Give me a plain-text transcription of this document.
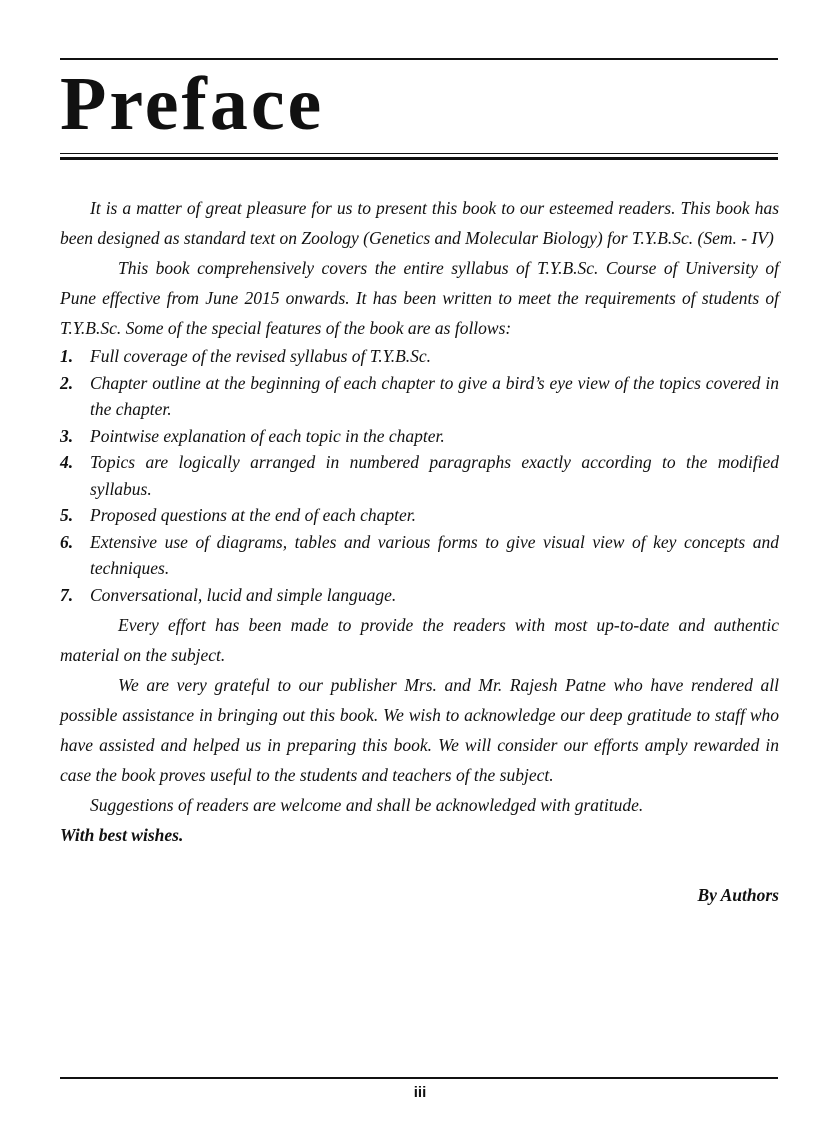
Preface

It is a matter of great pleasure for us to present this book to our esteemed readers. This book has been designed as standard text on Zoology (Genetics and Molecular Biology) for T.Y.B.Sc. (Sem. - IV)

This book comprehensively covers the entire syllabus of T.Y.B.Sc. Course of University of Pune effective from June 2015 onwards. It has been written to meet the requirements of students of T.Y.B.Sc. Some of the special features of the book are as follows:

1. Full coverage of the revised syllabus of T.Y.B.Sc.
2. Chapter outline at the beginning of each chapter to give a bird’s eye view of the topics covered in the chapter.
3. Pointwise explanation of each topic in the chapter.
4. Topics are logically arranged in numbered paragraphs exactly according to the modified syllabus.
5. Proposed questions at the end of each chapter.
6. Extensive use of diagrams, tables and various forms to give visual view of key concepts and techniques.
7. Conversational, lucid and simple language.

Every effort has been made to provide the readers with most up-to-date and authentic material on the subject.

We are very grateful to our publisher Mrs. and Mr. Rajesh Patne who have rendered all possible assistance in bringing out this book. We wish to acknowledge our deep gratitude to staff who have assisted and helped us in preparing this book. We will consider our efforts amply rewarded in case the book proves useful to the students and teachers of the subject.

Suggestions of readers are welcome and shall be acknowledged with gratitude.

With best wishes.

By Authors

iii
